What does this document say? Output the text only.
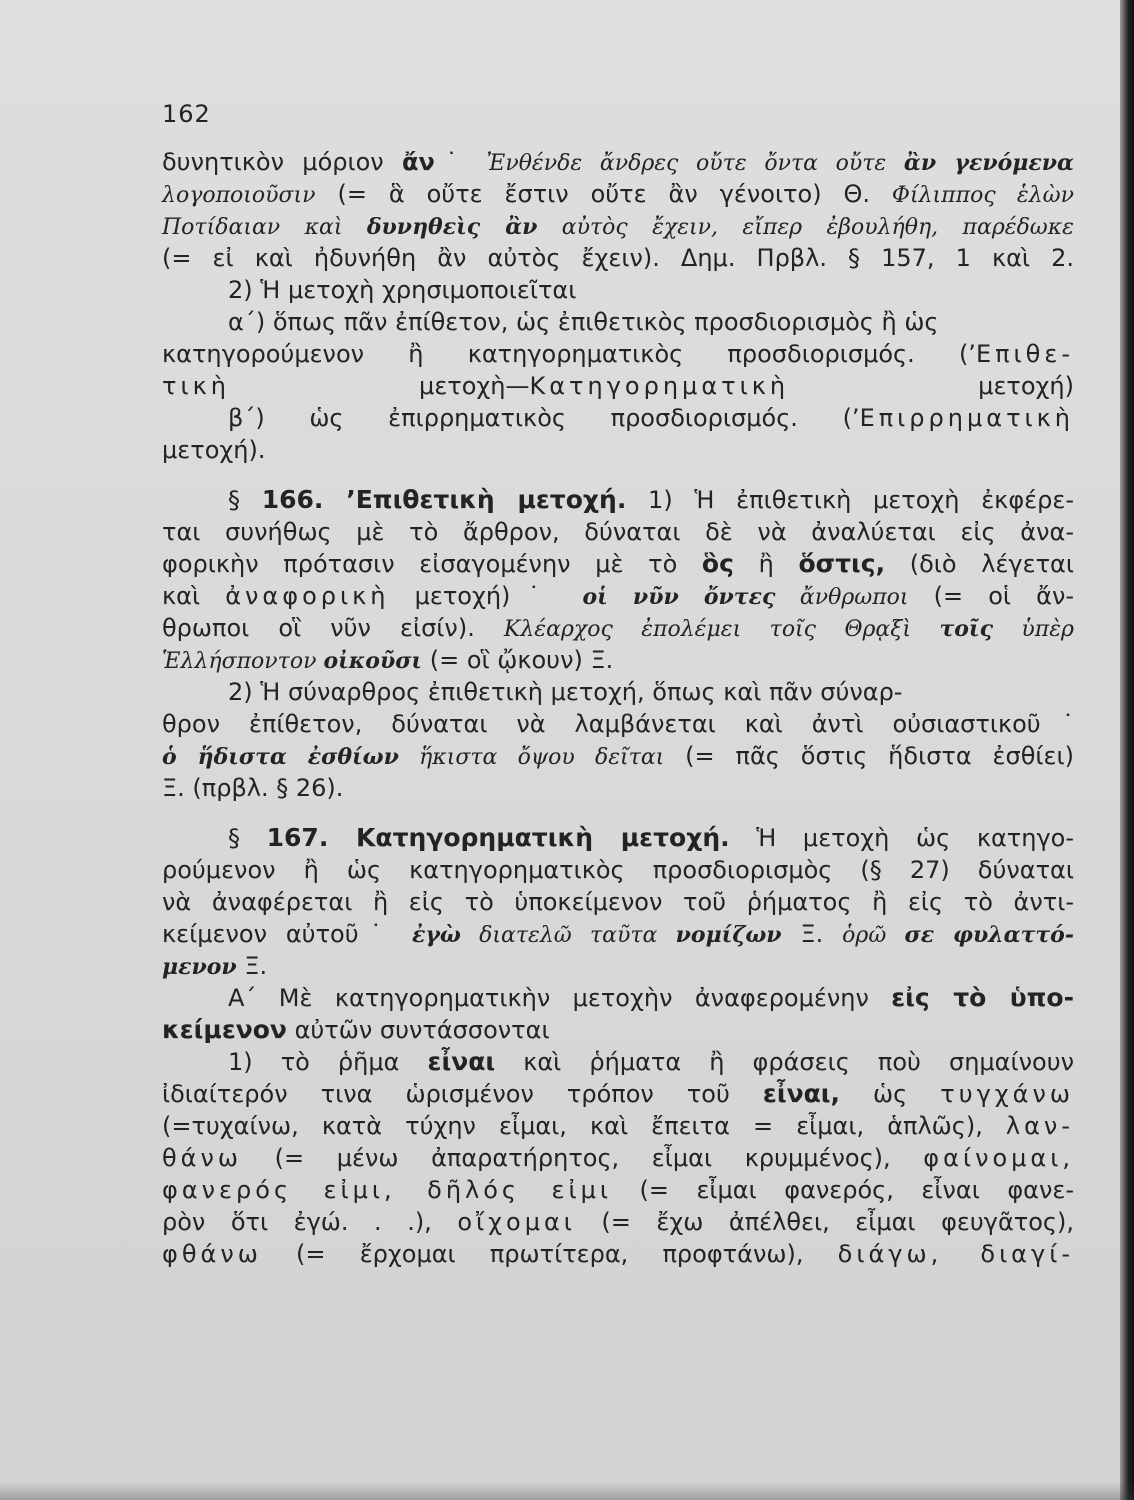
162
δυνητικὸν μόριον ἄν˙ Ἐνθένδε ἄνδρες οὔτε ὄντα οὔτε ἂν γενόμενα
λογοποιοῦσιν (= ἃ οὔτε ἔστιν οὔτε ἂν γένοιτο) Θ. Φίλιππος ἑλὼν
Ποτίδαιαν καὶ δυνηθεὶς ἂν αὐτὸς ἔχειν, εἴπερ ἐβουλήθη, παρέδωκε
(= εἰ καὶ ἠδυνήθη ἂν αὐτὸς ἔχειν). Δημ. Πρβλ. § 157, 1 καὶ 2.
2) Ἡ μετοχὴ χρησιμοποιεῖται
α´) ὅπως πᾶν ἐπίθετον, ὡς ἐπιθετικὸς προσδιορισμὸς ἢ ὡς
κατηγορούμενον ἢ κατηγορηματικὸς προσδιορισμός. (’Επιθε-
τικὴ μετοχὴ—Κατηγορηματικὴ μετοχή)
β´) ὡς ἐπιρρηματικὸς προσδιορισμός. (’Επιρρηματικὴ
μετοχή).
§ 166. ’Επιθετικὴ μετοχή. 1) Ἡ ἐπιθετικὴ μετοχὴ ἐκφέρε-
ται συνήθως μὲ τὸ ἄρθρον, δύναται δὲ νὰ ἀναλύεται εἰς ἀνα-
φορικὴν πρότασιν εἰσαγομένην μὲ τὸ ὃς ἢ ὅστις, (διὸ λέγεται
καὶ ἀναφορικὴ μετοχή)˙ οἱ νῦν ὄντες ἄνθρωποι (= οἱ ἄν-
θρωποι οἳ νῦν εἰσίν). Κλέαρχος ἐπολέμει τοῖς Θρᾳξὶ τοῖς ὑπὲρ
Ἑλλήσποντον οἰκοῦσι (= οἳ ᾤκουν) Ξ.
2) Ἡ σύναρθρος ἐπιθετικὴ μετοχή, ὅπως καὶ πᾶν σύναρ-
θρον ἐπίθετον, δύναται νὰ λαμβάνεται καὶ ἀντὶ οὐσιαστικοῦ˙
ὁ ἥδιστα ἐσθίων ἥκιστα ὄψου δεῖται (= πᾶς ὅστις ἥδιστα ἐσθίει)
Ξ. (πρβλ. § 26).
§ 167. Κατηγορηματικὴ μετοχή. Ἡ μετοχὴ ὡς κατηγο-
ρούμενον ἢ ὡς κατηγορηματικὸς προσδιορισμὸς (§ 27) δύναται
νὰ ἀναφέρεται ἢ εἰς τὸ ὑποκείμενον τοῦ ῥήματος ἢ εἰς τὸ ἀντι-
κείμενον αὐτοῦ˙ ἐγὼ διατελῶ ταῦτα νομίζων Ξ. ὁρῶ σε φυλαττό-
μενον Ξ.
Α´ Μὲ κατηγορηματικὴν μετοχὴν ἀναφερομένην εἰς τὸ ὑπο-
κείμενον αὐτῶν συντάσσονται
1) τὸ ῥῆμα εἶναι καὶ ῥήματα ἢ φράσεις ποὺ σημαίνουν
ἰδιαίτερόν τινα ὡρισμένον τρόπον τοῦ εἶναι, ὡς τυγχάνω
(=τυχαίνω, κατὰ τύχην εἶμαι, καὶ ἔπειτα = εἶμαι, ἁπλῶς), λαν-
θάνω (= μένω ἀπαρατήρητος, εἶμαι κρυμμένος), φαίνομαι,
φανερός εἰμι, δῆλός εἰμι (= εἶμαι φανερός, εἶναι φανε-
ρὸν ὅτι ἐγώ. . .), οἴχομαι (= ἔχω ἀπέλθει, εἶμαι φευγᾶτος),
φθάνω (= ἔρχομαι πρωτίτερα, προφτάνω), διάγω, διαγί-
